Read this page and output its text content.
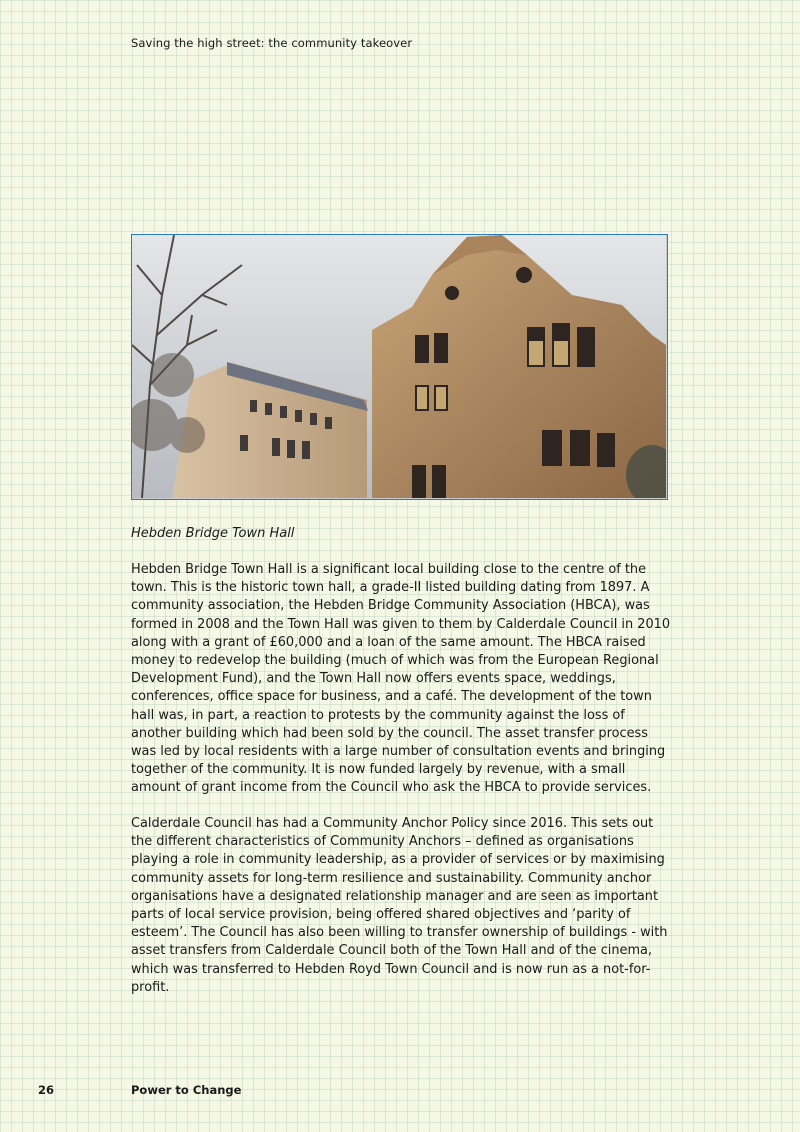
Saving the high street: the community takeover
Hebden Bridge Town Hall

Hebden Bridge Town Hall is a significant local building close to the centre of the town. This is the historic town hall, a grade-II listed building dating from 1897. A community association, the Hebden Bridge Community Association (HBCA), was formed in 2008 and the Town Hall was given to them by Calderdale Council in 2010 along with a grant of £60,000 and a loan of the same amount. The HBCA raised money to redevelop the building (much of which was from the European Regional Development Fund), and the Town Hall now offers events space, weddings, conferences, office space for business, and a café. The development of the town hall was, in part, a reaction to protests by the community against the loss of another building which had been sold by the council. The asset transfer process was led by local residents with a large number of consultation events and bringing together of the community. It is now funded largely by revenue, with a small amount of grant income from the Council who ask the HBCA to provide services.

Calderdale Council has had a Community Anchor Policy since 2016. This sets out the different characteristics of Community Anchors – defined as organisations playing a role in community leadership, as a provider of services or by maximising community assets for long-term resilience and sustainability. Community anchor organisations have a designated relationship manager and are seen as important parts of local service provision, being offered shared objectives and ‘parity of esteem’. The Council has also been willing to transfer ownership of buildings - with asset transfers from Calderdale Council both of the Town Hall and of the cinema, which was transferred to Hebden Royd Town Council and is now run as a not-for-profit.

26	Power to Change
